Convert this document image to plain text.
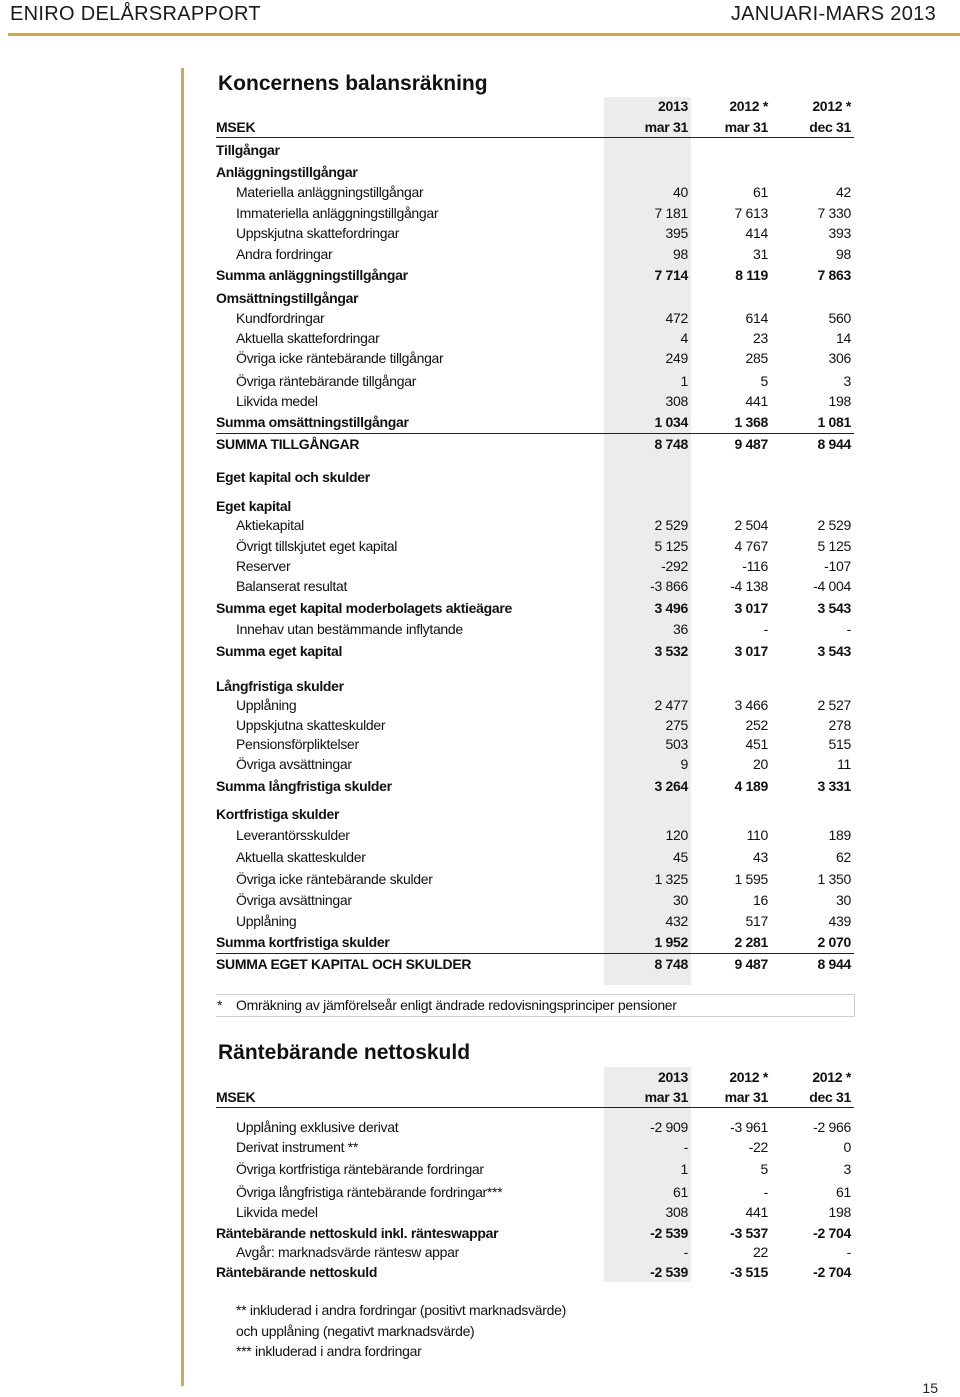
ENIRO DELÅRSRAPPORT	JANUARI-MARS 2013
Koncernens balansräkning
2013	2012 *	2012 *
MSEK	mar 31	mar 31	dec 31
Tillgångar
Anläggningstillgångar
Materiella anläggningstillgångar	40	61	42
Immateriella anläggningstillgångar	7 181	7 613	7 330
Uppskjutna skattefordringar	395	414	393
Andra fordringar	98	31	98
Summa anläggningstillgångar	7 714	8 119	7 863
Omsättningstillgångar
Kundfordringar	472	614	560
Aktuella skattefordringar	4	23	14
Övriga icke räntebärande tillgångar	249	285	306
Övriga räntebärande tillgångar	1	5	3
Likvida medel	308	441	198
Summa omsättningstillgångar	1 034	1 368	1 081
SUMMA TILLGÅNGAR	8 748	9 487	8 944
Eget kapital och skulder
Eget kapital
Aktiekapital	2 529	2 504	2 529
Övrigt tillskjutet eget kapital	5 125	4 767	5 125
Reserver	-292	-116	-107
Balanserat resultat	-3 866	-4 138	-4 004
Summa eget kapital moderbolagets aktieägare	3 496	3 017	3 543
Innehav utan bestämmande inflytande	36	-	-
Summa eget kapital	3 532	3 017	3 543
Långfristiga skulder
Upplåning	2 477	3 466	2 527
Uppskjutna skatteskulder	275	252	278
Pensionsförpliktelser	503	451	515
Övriga avsättningar	9	20	11
Summa långfristiga skulder	3 264	4 189	3 331
Kortfristiga skulder
Leverantörsskulder	120	110	189
Aktuella skatteskulder	45	43	62
Övriga icke räntebärande skulder	1 325	1 595	1 350
Övriga avsättningar	30	16	30
Upplåning	432	517	439
Summa kortfristiga skulder	1 952	2 281	2 070
SUMMA EGET KAPITAL OCH SKULDER	8 748	9 487	8 944
* Omräkning av jämförelseår enligt ändrade redovisningsprinciper pensioner
Räntebärande nettoskuld
2013	2012 *	2012 *
MSEK	mar 31	mar 31	dec 31
Upplåning exklusive derivat	-2 909	-3 961	-2 966
Derivat instrument **	-	-22	0
Övriga kortfristiga räntebärande fordringar	1	5	3
Övriga långfristiga räntebärande fordringar***	61	-	61
Likvida medel	308	441	198
Räntebärande nettoskuld inkl. ränteswappar	-2 539	-3 537	-2 704
Avgår: marknadsvärde räntesw appar	-	22	-
Räntebärande nettoskuld	-2 539	-3 515	-2 704
** inkluderad i andra fordringar (positivt marknadsvärde)
och upplåning (negativt marknadsvärde)
*** inkluderad i andra fordringar
15
